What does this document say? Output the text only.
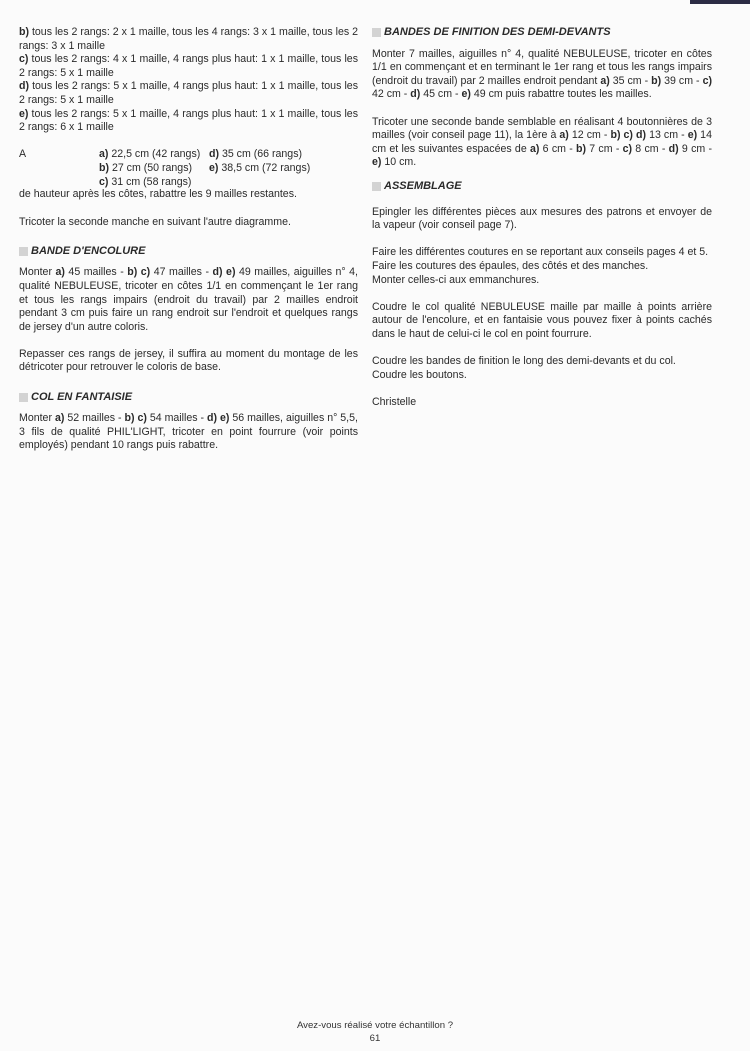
b) tous les 2 rangs: 2 x 1 maille, tous les 4 rangs: 3 x 1 maille, tous les 2 rangs: 3 x 1 maille

c) tous les 2 rangs: 4 x 1 maille, 4 rangs plus haut: 1 x 1 maille, tous les 2 rangs: 5 x 1 maille

d) tous les 2 rangs: 5 x 1 maille, 4 rangs plus haut: 1 x 1 maille, tous les 2 rangs: 5 x 1 maille

e) tous les 2 rangs: 5 x 1 maille, 4 rangs plus haut: 1 x 1 maille, tous les 2 rangs: 6 x 1 maille

A	a) 22,5 cm (42 rangs) d) 35 cm (66 rangs)
b) 27 cm (50 rangs) e) 38,5 cm (72 rangs)
c) 31 cm (58 rangs)

de hauteur après les côtes, rabattre les 9 mailles restantes.

Tricoter la seconde manche en suivant l'autre diagramme.

BANDE D'ENCOLURE

Monter a) 45 mailles - b) c) 47 mailles - d) e) 49 mailles, aiguilles n° 4, qualité NEBULEUSE, tricoter en côtes 1/1 en commençant le 1er rang et tous les rangs impairs (endroit du travail) par 2 mailles endroit pendant 3 cm puis faire un rang endroit sur l'endroit et quelques rangs de jersey d'un autre coloris.

Repasser ces rangs de jersey, il suffira au moment du montage de les détricoter pour retrouver le coloris de base.

COL EN FANTAISIE

Monter a) 52 mailles - b) c) 54 mailles - d) e) 56 mailles, aiguilles n° 5,5, 3 fils de qualité PHIL'LIGHT, tricoter en point fourrure (voir points employés) pendant 10 rangs puis rabattre.

BANDES DE FINITION DES DEMI-DEVANTS

Monter 7 mailles, aiguilles n° 4, qualité NEBULEUSE, tricoter en côtes 1/1 en commençant et en terminant le 1er rang et tous les rangs impairs (endroit du travail) par 2 mailles endroit pendant a) 35 cm - b) 39 cm - c) 42 cm - d) 45 cm - e) 49 cm puis rabattre toutes les mailles.

Tricoter une seconde bande semblable en réalisant 4 boutonnières de 3 mailles (voir conseil page 11), la 1ère à a) 12 cm - b) c) d) 13 cm - e) 14 cm et les suivantes espacées de a) 6 cm - b) 7 cm - c) 8 cm - d) 9 cm - e) 10 cm.

ASSEMBLAGE

Epingler les différentes pièces aux mesures des patrons et envoyer de la vapeur (voir conseil page 7).

Faire les différentes coutures en se reportant aux conseils pages 4 et 5.

Faire les coutures des épaules, des côtés et des manches.

Monter celles-ci aux emmanchures.

Coudre le col qualité NEBULEUSE maille par maille à points arrière autour de l'encolure, et en fantaisie vous pouvez fixer à points cachés dans le haut de celui-ci le col en point fourrure.

Coudre les bandes de finition le long des demi-devants et du col.

Coudre les boutons.

Christelle

Avez-vous réalisé votre échantillon ?
61
